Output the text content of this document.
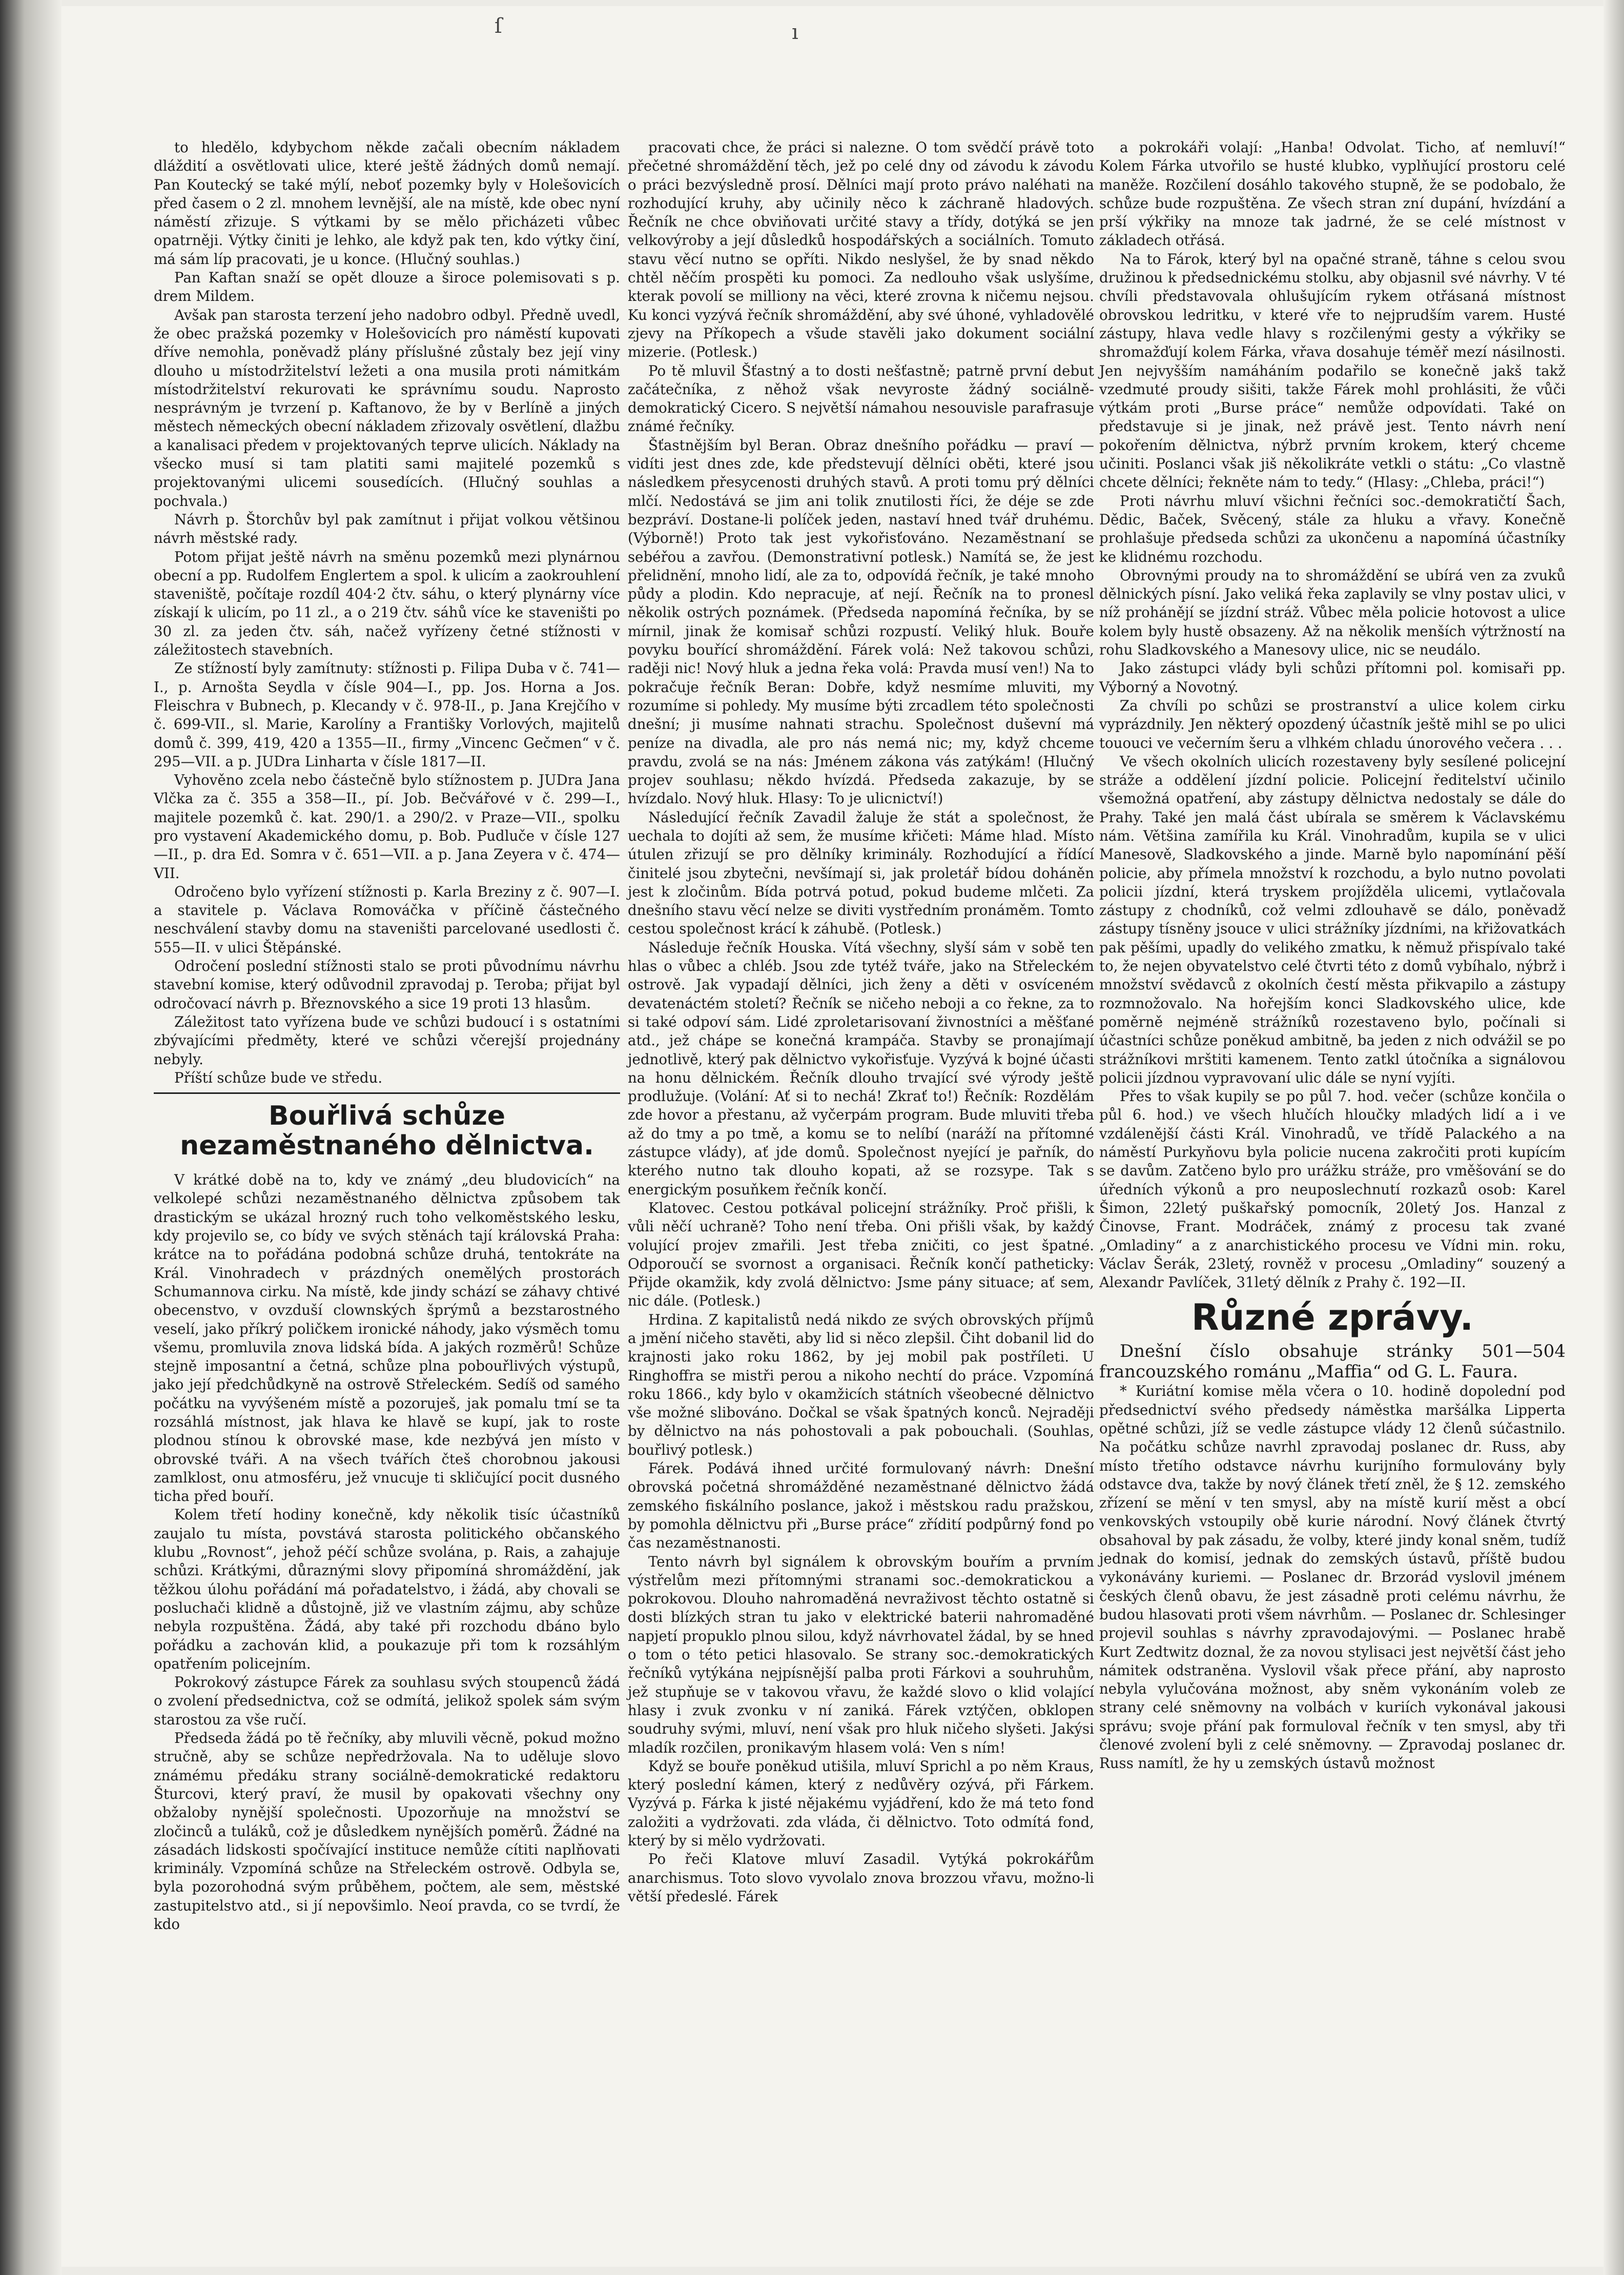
ſ	ı

to hledělo, kdybychom někde začali obecním nákladem dláždití a osvětlovati ulice, které ještě žádných domů nemají. Pan Koutecký se také mýlí, neboť pozemky byly v Holešovicích před časem o 2 zl. mnohem levnější, ale na místě, kde obec nyní náměstí zřizuje. S výtkami by se mělo přicházeti vůbec opatrněji. Výtky činiti je lehko, ale když pak ten, kdo výtky činí, má sám líp pracovati, je u konce. (Hlučný souhlas.)

Pan Kaftan snaží se opět dlouze a široce polemisovati s p. drem Mildem.

Avšak pan starosta terzení jeho nadobro odbyl. Předně uvedl, že obec pražská pozemky v Holešovicích pro náměstí kupovati dříve nemohla, poněvadž plány příslušné zůstaly bez její viny dlouho u místodržitelství ležeti a ona musila proti námitkám místodržitelství rekurovati ke správnímu soudu. Naprosto nesprávným je tvrzení p. Kaftanovo, že by v Berlíně a jiných městech německých obecní nákladem zřizovaly osvětlení, dlažbu a kanalisaci předem v projektovaných teprve ulicích. Náklady na všecko musí si tam platiti sami majitelé pozemků s projektovanými ulicemi sousedících. (Hlučný souhlas a pochvala.)

Návrh p. Štorchův byl pak zamítnut i přijat volkou většinou návrh městské rady.

Potom přijat ještě návrh na směnu pozemků mezi plynárnou obecní a pp. Rudolfem Englertem a spol. k ulicím a zaokrouhlení staveniště, počítaje rozdíl 404·2 čtv. sáhu, o který plynárny více získají k ulicím, po 11 zl., a o 219 čtv. sáhů více ke staveništi po 30 zl. za jeden čtv. sáh, načež vyřízeny četné stížnosti v záležitostech stavebních.

Ze stížností byly zamítnuty: stížnosti p. Filipa Duba v č. 741—I., p. Arnošta Seydla v čísle 904—I., pp. Jos. Horna a Jos. Fleischra v Bubnech, p. Klecandy v č. 978-II., p. Jana Krejčího v č. 699-VII., sl. Marie, Karolíny a Františky Vorlových, majitelů domů č. 399, 419, 420 a 1355—II., firmy „Vincenc Gečmen“ v č. 295—VII. a p. JUDra Linharta v čísle 1817—II.

Vyhověno zcela nebo částečně bylo stížnostem p. JUDra Jana Vlčka za č. 355 a 358—II., pí. Job. Bečvářové v č. 299—I., majitele pozemků č. kat. 290/1. a 290/2. v Praze—VII., spolku pro vystavení Akademického domu, p. Bob. Pudluče v čísle 127—II., p. dra Ed. Somra v č. 651—VII. a p. Jana Zeyera v č. 474—VII.

Odročeno bylo vyřízení stížnosti p. Karla Breziny z č. 907—I. a stavitele p. Václava Romováčka v příčině částečného neschválení stavby domu na staveništi parcelované usedlosti č. 555—II. v ulici Štěpánské.

Odročení poslední stížnosti stalo se proti původnímu návrhu stavební komise, který odůvodnil zpravodaj p. Teroba; přijat byl odročovací návrh p. Březnovského a sice 19 proti 13 hlasům.

Záležitost tato vyřízena bude ve schůzi budoucí i s ostatními zbývajícími předměty, které ve schůzi včerejší projednány nebyly.

Příští schůze bude ve středu.

Bouřlivá schůze nezaměstnaného dělnictva.

V krátké době na to, kdy ve známý „deu bludovicích“ na velkolepé schůzi nezaměstnaného dělnictva způsobem tak drastickým se ukázal hrozný ruch toho velkoměstského lesku, kdy projevilo se, co bídy ve svých stěnách tají královská Praha: krátce na to pořádána podobná schůze druhá, tentokráte na Král. Vinohradech v prázdných onemělých prostorách Schumannova cirku. Na místě, kde jindy schází se záhavy chtivé obecenstvo, v ovzduší clownských šprýmů a bezstarostného veselí, jako příkrý poličkem ironické náhody, jako výsměch tomu všemu, promluvila znova lidská bída. A jakých rozměrů! Schůze stejně imposantní a četná, schůze plna pobouřlivých výstupů, jako její předchůdkyně na ostrově Střeleckém. Sedíš od samého počátku na vyvýšeném místě a pozoruješ, jak pomalu tmí se ta rozsáhlá místnost, jak hlava ke hlavě se kupí, jak to roste plodnou stínou k obrovské mase, kde nezbývá jen místo v obrovské tváři. A na všech tvářích čteš chorobnou jakousi zamlklost, onu atmosféru, jež vnucuje ti skličující pocit dusného ticha před bouří.

Kolem třetí hodiny konečně, kdy několik tisíc účastníků zaujalo tu místa, povstává starosta politického občanského klubu „Rovnost“, jehož péčí schůze svolána, p. Rais, a zahajuje schůzi. Krátkými, důraznými slovy připomíná shromáždění, jak těžkou úlohu pořádání má pořadatelstvo, i žádá, aby chovali se posluchači klidně a důstojně, již ve vlastním zájmu, aby schůze nebyla rozpuštěna. Žádá, aby také při rozchodu dbáno bylo pořádku a zachován klid, a poukazuje při tom k rozsáhlým opatřením policejním.

Pokrokový zástupce Fárek za souhlasu svých stoupenců žádá o zvolení předsednictva, což se odmítá, jelikož spolek sám svým starostou za vše ručí.

Předseda žádá po tě řečníky, aby mluvili věcně, pokud možno stručně, aby se schůze nepředržovala. Na to uděluje slovo známému předáku strany sociálně-demokratické redaktoru Šturcovi, který praví, že musil by opakovati všechny ony obžaloby nynější společnosti. Upozorňuje na množství se zločinců a tuláků, což je důsledkem nynějších poměrů. Žádné na zásadách lidskosti spočívající instituce nemůže cítiti naplňovati kriminály. Vzpomíná schůze na Střeleckém ostrově. Odbyla se, byla pozorohodná svým průběhem, počtem, ale sem, městské zastupitelstvo atd., si jí nepovšimlo. Neoí pravda, co se tvrdí, že kdo

pracovati chce, že práci si nalezne. O tom svědčí právě toto přečetné shromáždění těch, jež po celé dny od závodu k závodu o práci bezvýsledně prosí. Dělníci mají proto právo naléhati na rozhodující kruhy, aby učinily něco k záchraně hladových. Řečník ne chce obviňovati určité stavy a třídy, dotýká se jen velkovýroby a její důsledků hospodářských a sociálních. Tomuto stavu věcí nutno se opříti. Nikdo neslyšel, že by snad někdo chtěl něčím prospěti ku pomoci. Za nedlouho však uslyšíme, kterak povolí se milliony na věci, které zrovna k ničemu nejsou. Ku konci vyzývá řečník shromáždění, aby své úhoné, vyhladovělé zjevy na Příkopech a všude stavěli jako dokument sociální mizerie. (Potlesk.)

Po tě mluvil Šťastný a to dosti nešťastně; patrně první debut začátečníka, z něhož však nevyroste žádný sociálně-demokratický Cicero. S největší námahou nesouvisle parafrasuje známé řečníky.

Šťastnějším byl Beran. Obraz dnešního pořádku — praví — vidíti jest dnes zde, kde předstevují dělníci oběti, které jsou následkem přesycenosti druhých stavů. A proti tomu prý dělníci mlčí. Nedostává se jim ani tolik znutilosti říci, že déje se zde bezpráví. Dostane-li políček jeden, nastaví hned tvář druhému. (Výborně!) Proto tak jest vykořisťováno. Nezaměstnaní se sebéřou a zavřou. (Demonstrativní potlesk.) Namítá se, že jest přelidnění, mnoho lidí, ale za to, odpovídá řečník, je také mnoho půdy a plodin. Kdo nepracuje, ať nejí. Řečník na to pronesl několik ostrých poznámek. (Předseda napomíná řečníka, by se mírnil, jinak že komisař schůzi rozpustí. Veliký hluk. Bouře povyku bouřící shromáždění. Fárek volá: Než takovou schůzi, raději nic! Nový hluk a jedna řeka volá: Pravda musí ven!) Na to pokračuje řečník Beran: Dobře, když nesmíme mluviti, my rozumíme si pohledy. My musíme býti zrcadlem této společnosti dnešní; ji musíme nahnati strachu. Společnost duševní má peníze na divadla, ale pro nás nemá nic; my, když chceme pravdu, zvolá se na nás: Jménem zákona vás zatýkám! (Hlučný projev souhlasu; někdo hvízdá. Předseda zakazuje, by se hvízdalo. Nový hluk. Hlasy: To je ulicnictví!)

Následující řečník Zavadil žaluje že stát a společnost, že uechala to dojíti až sem, že musíme křičeti: Máme hlad. Místo útulen zřizují se pro dělníky kriminály. Rozhodující a řídící činitelé jsou zbytečni, nevšímají si, jak proletář bídou doháněn jest k zločinům. Bída potrvá potud, pokud budeme mlčeti. Za dnešního stavu věcí nelze se diviti vystředním pronáměm. Tomto cestou společnost krácí k záhubě. (Potlesk.)

Následuje řečník Houska. Vítá všechny, slyší sám v sobě ten hlas o vůbec a chléb. Jsou zde tytéž tváře, jako na Střeleckém ostrově. Jak vypadají dělníci, jich ženy a děti v osvíceném devatenáctém století? Řečník se ničeho neboji a co řekne, za to si také odpoví sám. Lidé zproletarisovaní živnostníci a měšťané atd., jež chápe se konečná krampáča. Stavby se pronajímají jednotlivě, který pak dělnictvo vykořisťuje. Vyzývá k bojné účasti na honu dělnickém. Řečník dlouho trvající své výrody ještě prodlužuje. (Volání: Ať si to nechá! Zkrať to!) Řečník: Rozdělám zde hovor a přestanu, až vyčerpám program. Bude mluviti třeba až do tmy a po tmě, a komu se to nelíbí (naráží na přítomné zástupce vlády), ať jde domů. Společnost nyející je pařník, do kterého nutno tak dlouho kopati, až se rozsype. Tak s energickým posuňkem řečník končí.

Klatovec. Cestou potkával policejní strážníky. Proč přišli, k vůli něčí uchraně? Toho není třeba. Oni přišli však, by každý volující projev zmařili. Jest třeba zničiti, co jest špatné. Odporoučí se svornost a organisaci. Řečník končí patheticky: Přijde okamžik, kdy zvolá dělnictvo: Jsme pány situace; ať sem, nic dále. (Potlesk.)

Hrdina. Z kapitalistů nedá nikdo ze svých obrovských příjmů a jmění ničeho stavěti, aby lid si něco zlepšil. Čiht dobanil lid do krajnosti jako roku 1862, by jej mobil pak postříleti. U Ringhoffra se mistři perou a nikoho nechtí do práce. Vzpomíná roku 1866., kdy bylo v okamžicích státních všeobecné dělnictvo vše možné slibováno. Dočkal se však špatných konců. Nejraději by dělnictvo na nás pohostovali a pak pobouchali. (Souhlas, bouřlivý potlesk.)

Fárek. Podává ihned určité formulovaný návrh: Dnešní obrovská početná shromážděné nezaměstnané dělnictvo žádá zemského fiskálního poslance, jakož i městskou radu pražskou, by pomohla dělnictvu při „Burse práce“ zřídití podpůrný fond po čas nezaměstnanosti.

Tento návrh byl signálem k obrovským bouřím a prvním výstřelům mezi přítomnými stranami soc.-demokratickou a pokrokovou. Dlouho nahromaděná nevraživost těchto ostatně si dosti blízkých stran tu jako v elektrické baterii nahromaděné napjetí propuklo plnou silou, když návrhovatel žádal, by se hned o tom o této petici hlasovalo. Se strany soc.-demokratických řečníků vytýkána nejpísnější palba proti Fárkovi a souhruhům, jež stupňuje se v takovou vřavu, že každé slovo o klid volající hlasy i zvuk zvonku v ní zaniká. Fárek vztýčen, obklopen soudruhy svými, mluví, není však pro hluk ničeho slyšeti. Jakýsi mladík rozčilen, pronikavým hlasem volá: Ven s ním!

Když se bouře poněkud utišila, mluví Sprichl a po něm Kraus, který poslední kámen, který z nedůvěry ozývá, při Fárkem. Vyzývá p. Fárka k jisté nějakému vyjádření, kdo že má teto fond založiti a vydržovati. zda vláda, či dělnictvo. Toto odmítá fond, který by si mělo vydržovati.

Po řeči Klatove mluví Zasadil. Vytýká pokrokářům anarchismus. Toto slovo vyvolalo znova brozzou vřavu, možno-li větší předeslé. Fárek

a pokrokáři volají: „Hanba! Odvolat. Ticho, ať nemluví!“ Kolem Fárka utvořilo se husté klubko, vyplňující prostoru celé maněže. Rozčilení dosáhlo takového stupně, že se podobalo, že schůze bude rozpuštěna. Ze všech stran zní dupání, hvízdání a prší výkřiky na mnoze tak jadrné, že se celé místnost v základech otřásá.

Na to Fárok, který byl na opačné straně, táhne s celou svou družinou k předsednickému stolku, aby objasnil své návrhy. V té chvíli představovala ohlušujícím rykem otřásaná místnost obrovskou ledritku, v které vře to nejprudším varem. Husté zástupy, hlava vedle hlavy s rozčilenými gesty a výkřiky se shromažďují kolem Fárka, vřava dosahuje téměř mezí násilnosti. Jen nejvyšším namáháním podařilo se konečně jakš takž vzedmuté proudy sišiti, takže Fárek mohl prohlásiti, že vůči výtkám proti „Burse práce“ nemůže odpovídati. Také on představuje si je jinak, než právě jest. Tento návrh není pokořením dělnictva, nýbrž prvním krokem, který chceme učiniti. Poslanci však jiš několikráte vetkli o státu: „Co vlastně chcete dělníci; řekněte nám to tedy.“ (Hlasy: „Chleba, práci!“)

Proti návrhu mluví všichni řečníci soc.-demokratičtí Šach, Dědic, Baček, Svěcený, stále za hluku a vřavy. Konečně prohlašuje předseda schůzi za ukončenu a napomíná účastníky ke klidnému rozchodu.

Obrovnými proudy na to shromáždění se ubírá ven za zvuků dělnických písní. Jako veliká řeka zaplavily se vlny postav ulici, v níž prohánějí se jízdní stráž. Vůbec měla policie hotovost a ulice kolem byly hustě obsazeny. Až na několik menších výtržností na rohu Sladkovského a Manesovy ulice, nic se neudálo.

Jako zástupci vlády byli schůzi přítomni pol. komisaři pp. Výborný a Novotný.

Za chvíli po schůzi se prostranství a ulice kolem cirku vyprázdnily. Jen některý opozdený účastník ještě mihl se po ulici tououci ve večerním šeru a vlhkém chladu únorového večera . . .

Ve všech okolních ulicích rozestaveny byly sesílené policejní stráže a oddělení jízdní policie. Policejní ředitelství učinilo všemožná opatření, aby zástupy dělnictva nedostaly se dále do Prahy. Také jen malá část ubírala se směrem k Václavskému nám. Většina zamířila ku Král. Vinohradům, kupila se v ulici Manesově, Sladkovského a jinde. Marně bylo napomínání pěší policie, aby přímela množství k rozchodu, a bylo nutno povolati policii jízdní, která tryskem projížděla ulicemi, vytlačovala zástupy z chodníků, což velmi zdlouhavě se dálo, poněvadž zástupy tísněny jsouce v ulici strážníky jízdními, na křižovatkách pak pěšími, upadly do velikého zmatku, k němuž přispívalo také to, že nejen obyvatelstvo celé čtvrti této z domů vybíhalo, nýbrž i množství svědavců z okolních čestí města přikvapilo a zástupy rozmnožovalo. Na hořejším konci Sladkovského ulice, kde poměrně nejméně strážníků rozestaveno bylo, počínali si účastníci schůze poněkud ambitně, ba jeden z nich odvážil se po strážníkovi mrštiti kamenem. Tento zatkl útočníka a signálovou policii jízdnou vypravovaní ulic dále se nyní vyjíti.

Přes to však kupily se po půl 7. hod. večer (schůze končila o půl 6. hod.) ve všech hlučích hloučky mladých lidí a i ve vzdálenější části Král. Vinohradů, ve třídě Palackého a na náměstí Purkyňovu byla policie nucena zakročiti proti kupícím se davům. Zatčeno bylo pro urážku stráže, pro vměšování se do úředních výkonů a pro neuposlechnutí rozkazů osob: Karel Šimon, 22letý puškařský pomocník, 20letý Jos. Hanzal z Činovse, Frant. Modráček, známý z procesu tak zvané „Omladiny“ a z anarchistického procesu ve Vídni min. roku, Václav Šerák, 23letý, rovněž v procesu „Omladiny“ souzený a Alexandr Pavlíček, 31letý dělník z Prahy č. 192—II.

Různé zprávy.

Dnešní číslo obsahuje stránky 501—504 francouzského románu „Maffia“ od G. L. Faura.

* Kuriátní komise měla včera o 10. hodině dopolední pod předsednictví svého předsedy náměstka maršálka Lipperta opětné schůzi, jíž se vedle zástupce vlády 12 členů súčastnilo. Na počátku schůze navrhl zpravodaj poslanec dr. Russ, aby místo třetího odstavce návrhu kurijního formulovány byly odstavce dva, takže by nový článek třetí zněl, že § 12. zemského zřízení se mění v ten smysl, aby na místě kurií měst a obcí venkovských vstoupily obě kurie národní. Nový článek čtvrtý obsahoval by pak zásadu, že volby, které jindy konal sněm, tudíž jednak do komisí, jednak do zemských ústavů, příště budou vykonávány kuriemi. — Poslanec dr. Brzorád vyslovil jménem českých členů obavu, že jest zásadně proti celému návrhu, že budou hlasovati proti všem návrhům. — Poslanec dr. Schlesinger projevil souhlas s návrhy zpravodajovými. — Poslanec hrabě Kurt Zedtwitz doznal, že za novou stylisaci jest největší část jeho námitek odstraněna. Vyslovil však přece přání, aby naprosto nebyla vylučována možnost, aby sněm vykonáním voleb ze strany celé sněmovny na volbách v kuriích vykonával jakousi správu; svoje přání pak formuloval řečník v ten smysl, aby tři členové zvolení byli z celé sněmovny. — Zpravodaj poslanec dr. Russ namítl, že hy u zemských ústavů možnost
